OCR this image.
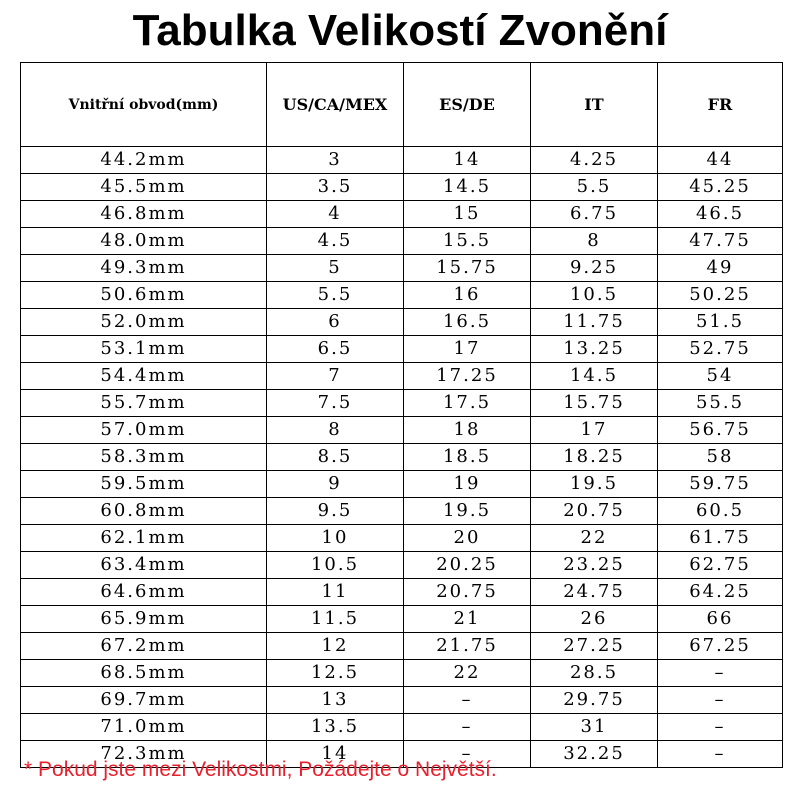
Tabulka Velikostí Zvonění
Vnitřní obvod(mm)	US/CA/MEX	ES/DE	IT	FR
44.2mm	3	14	4.25	44
45.5mm	3.5	14.5	5.5	45.25
46.8mm	4	15	6.75	46.5
48.0mm	4.5	15.5	8	47.75
49.3mm	5	15.75	9.25	49
50.6mm	5.5	16	10.5	50.25
52.0mm	6	16.5	11.75	51.5
53.1mm	6.5	17	13.25	52.75
54.4mm	7	17.25	14.5	54
55.7mm	7.5	17.5	15.75	55.5
57.0mm	8	18	17	56.75
58.3mm	8.5	18.5	18.25	58
59.5mm	9	19	19.5	59.75
60.8mm	9.5	19.5	20.75	60.5
62.1mm	10	20	22	61.75
63.4mm	10.5	20.25	23.25	62.75
64.6mm	11	20.75	24.75	64.25
65.9mm	11.5	21	26	66
67.2mm	12	21.75	27.25	67.25
68.5mm	12.5	22	28.5	–
69.7mm	13	–	29.75	–
71.0mm	13.5	–	31	–
72.3mm	14	–	32.25	–

* Pokud jste mezi Velikostmi, Požádejte o Největší.
